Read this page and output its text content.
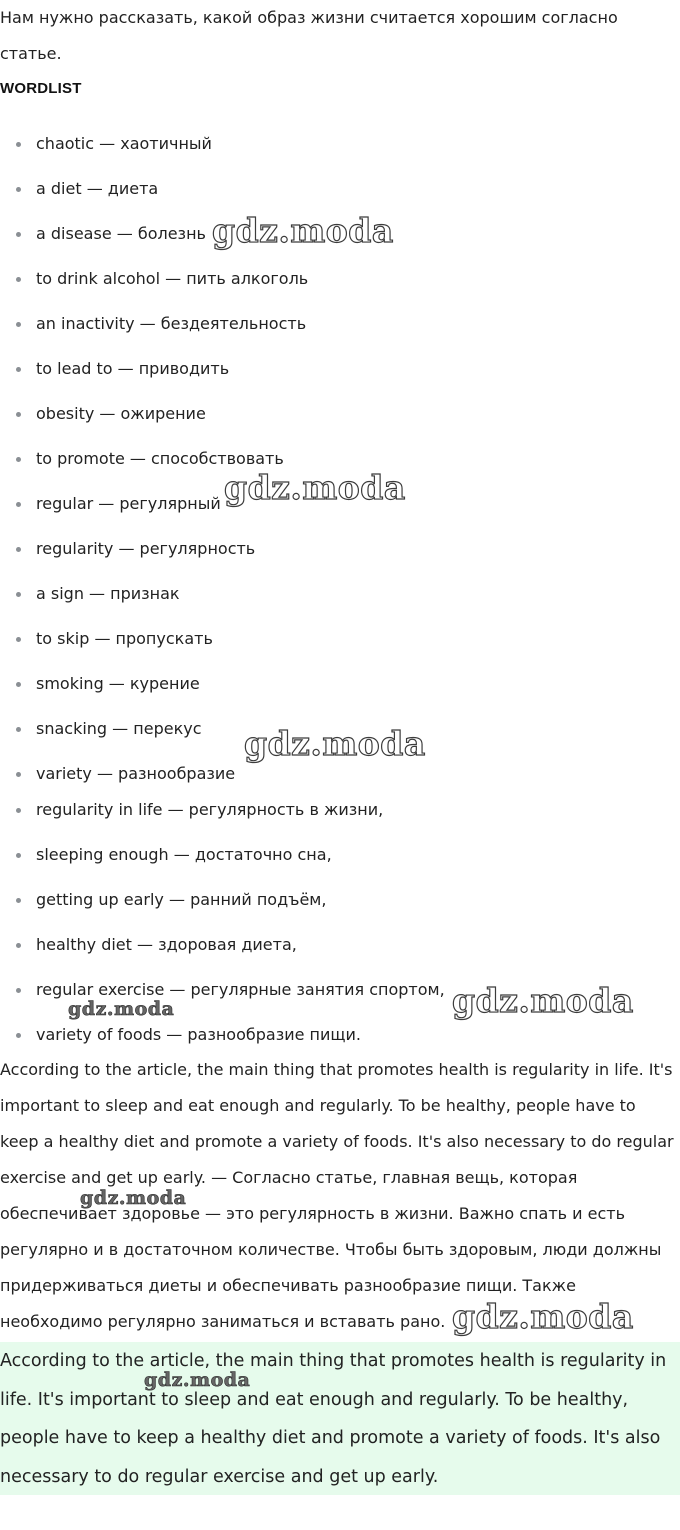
Нам нужно рассказать, какой образ жизни считается хорошим согласно статье.

WORDLIST
chaotic — хаотичный
a diet — диета
a disease — болезнь
to drink alcohol — пить алкоголь
an inactivity — бездеятельность
to lead to — приводить
obesity — ожирение
to promote — способствовать
regular — регулярный
regularity — регулярность
a sign — признак
to skip — пропускать
smoking — курение
snacking — перекус
variety — разнообразие
regularity in life — регулярность в жизни,
sleeping enough — достаточно сна,
getting up early — ранний подъём,
healthy diet — здоровая диета,
regular exercise — регулярные занятия спортом,
variety of foods — разнообразие пищи.

According to the article, the main thing that promotes health is regularity in life. It's important to sleep and eat enough and regularly. To be healthy, people have to keep a healthy diet and promote a variety of foods. It's also necessary to do regular exercise and get up early. — Согласно статье, главная вещь, которая обеспечивает здоровье — это регулярность в жизни. Важно спать и есть регулярно и в достаточном количестве. Чтобы быть здоровым, люди должны придерживаться диеты и обеспечивать разнообразие пищи. Также необходимо регулярно заниматься и вставать рано.

According to the article, the main thing that promotes health is regularity in life. It's important to sleep and eat enough and regularly. To be healthy, people have to keep a healthy diet and promote a variety of foods. It's also necessary to do regular exercise and get up early.

gdz.moda
gdz.moda
gdz.moda
gdz.moda
gdz.moda
gdz.moda
gdz.moda
gdz.moda
